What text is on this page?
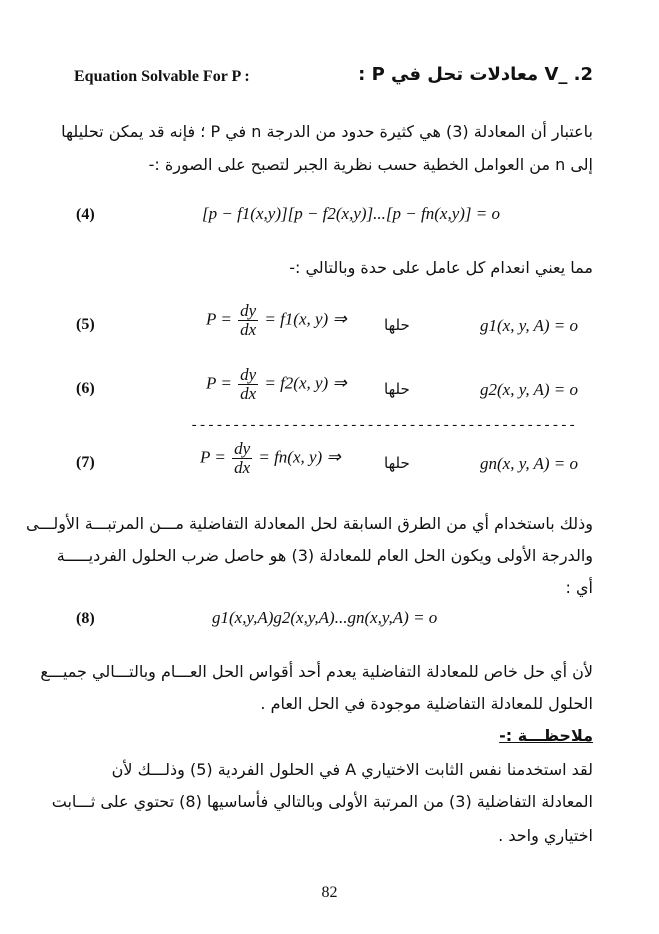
Equation Solvable For P :	V_ .2 معادلات تحل في P :
باعتبار أن المعادلة (3) هي كثيرة حدود من الدرجة n في P ؛ فإنه قد يمكن تحليلها
إلى n من العوامل الخطية حسب نظرية الجبر لتصبح على الصورة :-
(4)	[p − f1(x,y)][p − f2(x,y)]...[p − fn(x,y)] = o
مما يعني انعدام كل عامل على حدة وبالتالي :-
(5)	$P = \frac{dy}{dx} = f1(x$, y) ⇒ حلها	g1(x, y, A) = o
(6)	$P = \frac{dy}{dx} = f2(x$, y) ⇒ حلها	g2(x, y, A) = o
----------------------------------------------
(7)	$P = \frac{dy}{dx} = fn(x$, y) ⇒	حلها	gn(x, y, A) = o
وذلك باستخدام أي من الطرق السابقة لحل المعادلة التفاضلية مـــن المرتبـــة الأولـــى
والدرجة الأولى ويكون الحل العام للمعادلة (3) هو حاصل ضرب الحلول الفرديـــــة
أي :
(8)	g1(x,y,A)g2(x,y,A)...gn(x,y,A) = o
لأن أي حل خاص للمعادلة التفاضلية يعدم أحد أقواس الحل العـــام وبالتـــالي جميـــع
الحلول للمعادلة التفاضلية موجودة في الحل العام .
ملاحظـــة :-
لقد استخدمنا نفس الثابت الاختياري A في الحلول الفردية (5) وذلـــك لأن
المعادلة التفاضلية (3) من المرتبة الأولى وبالتالي فأساسيها (8) تحتوي على ثـــابت
اختياري واحد .
82
